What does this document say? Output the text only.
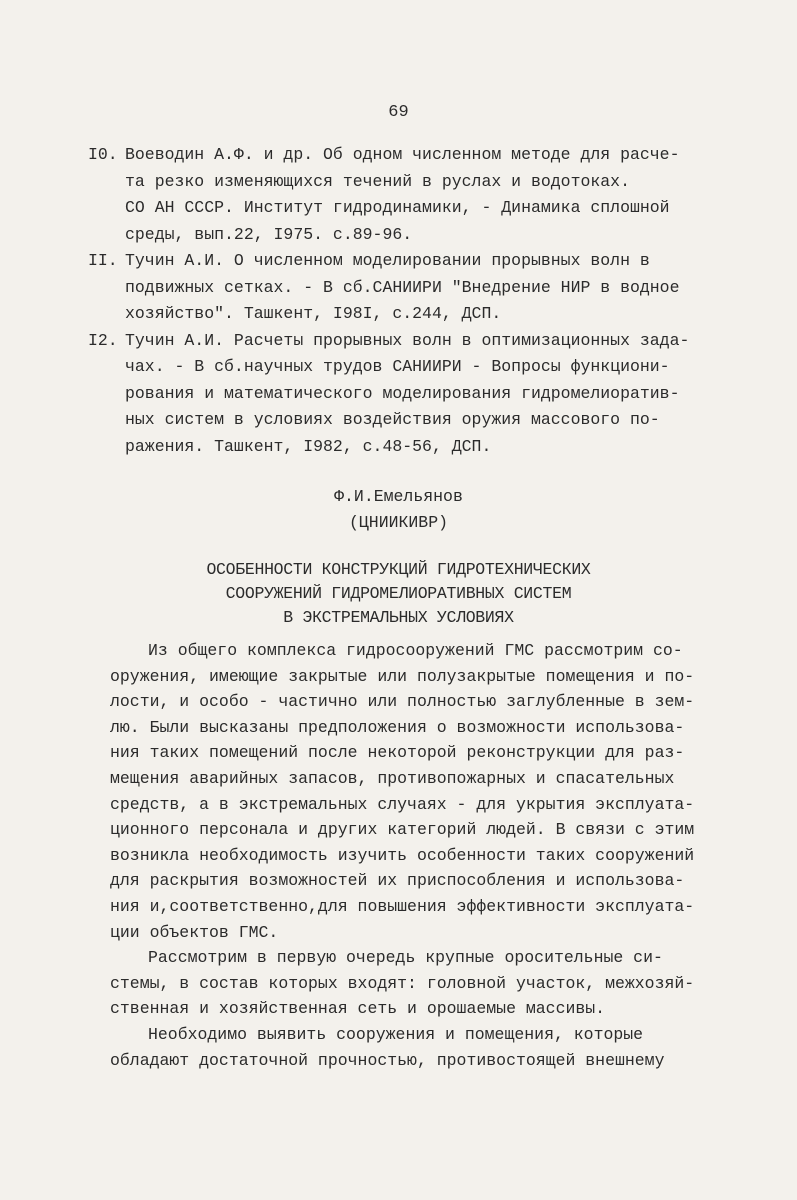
69
I0. Воеводин А.Ф. и др. Об одном численном методе для расче-
та резко изменяющихся течений в руслах и водотоках.
СО АН СССР. Институт гидродинамики, - Динамика сплошной
среды, вып.22, I975. с.89-96.
II. Тучин А.И. О численном моделировании прорывных волн в
подвижных сетках. - В сб.САНИИРИ "Внедрение НИР в водное
хозяйство". Ташкент, I98I, с.244, ДСП.
I2. Тучин А.И. Расчеты прорывных волн в оптимизационных зада-
чах. - В сб.научных трудов САНИИРИ - Вопросы функциони-
рования и математического моделирования гидромелиоратив-
ных систем в условиях воздействия оружия массового по-
ражения. Ташкент, I982, с.48-56, ДСП.
Ф.И.Емельянов
(ЦНИИКИВР)
ОСОБЕННОСТИ КОНСТРУКЦИЙ ГИДРОТЕХНИЧЕСКИХ
СООРУЖЕНИЙ ГИДРОМЕЛИОРАТИВНЫХ СИСТЕМ
В ЭКСТРЕМАЛЬНЫХ УСЛОВИЯХ
Из общего комплекса гидросооружений ГМС рассмотрим со-
оружения, имеющие закрытые или полузакрытые помещения и по-
лости, и особо - частично или полностью заглубленные в зем-
лю. Были высказаны предположения о возможности использова-
ния таких помещений после некоторой реконструкции для раз-
мещения аварийных запасов, противопожарных и спасательных
средств, а в экстремальных случаях - для укрытия эксплуата-
ционного персонала и других категорий людей. В связи с этим
возникла необходимость изучить особенности таких сооружений
для раскрытия возможностей их приспособления и использова-
ния и,соответственно,для повышения эффективности эксплуата-
ции объектов ГМС.
Рассмотрим в первую очередь крупные оросительные си-
стемы, в состав которых входят: головной участок, межхозяй-
ственная и хозяйственная сеть и орошаемые массивы.
Необходимо выявить сооружения и помещения, которые
обладают достаточной прочностью, противостоящей внешнему
